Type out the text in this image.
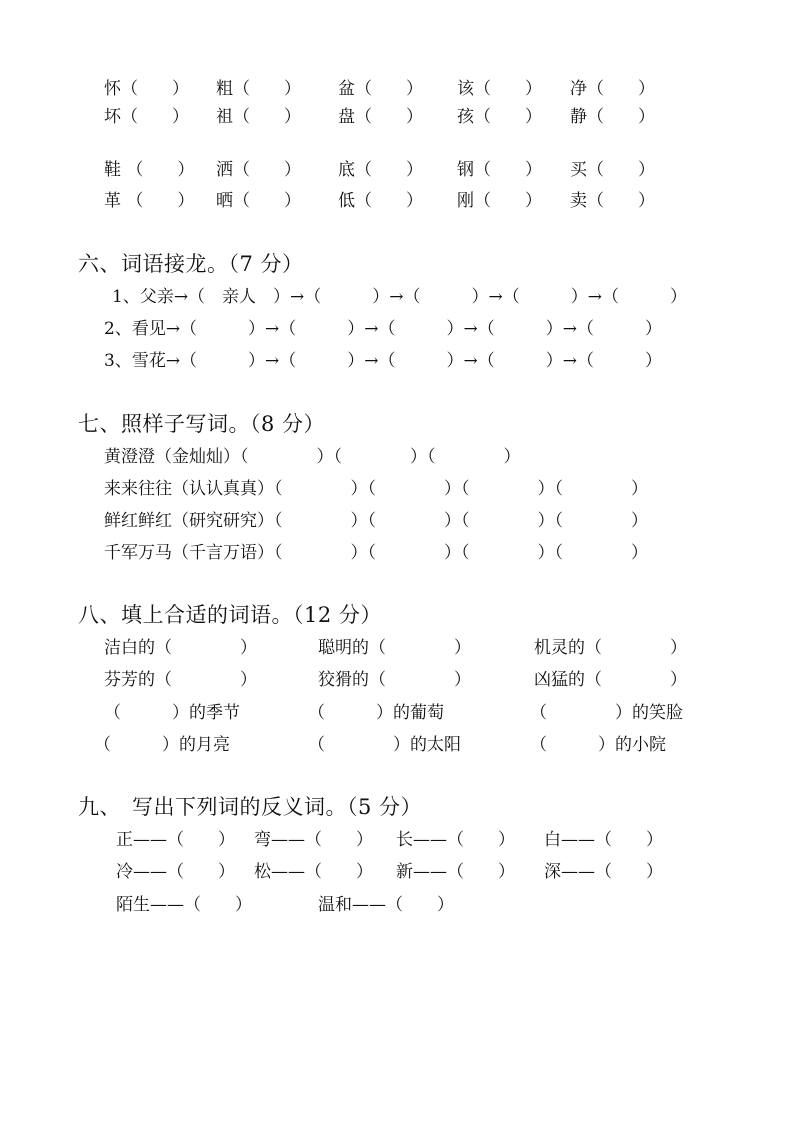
怀（　　） 粗（　　） 盆（　　） 该（　　） 净（　　）
坏（　　） 祖（　　） 盘（　　） 孩（　　） 静（　　）
鞋 （　　） 洒（　　） 底（　　） 钢（　　） 买（　　）
革 （　　） 晒（　　） 低（　　） 刚（　　） 卖（　　）
六、词语接龙。（7 分）
1、父亲→（　亲人　）→（　　　）→（　　　）→（　　　）→（　　　）
2、看见→（　　　）→（　　　）→（　　　）→（　　　）→（　　　）
3、雪花→（　　　）→（　　　）→（　　　）→（　　　）→（　　　）
七、照样子写词。（8 分）
黄澄澄（金灿灿）（　　　　）（　　　　）（　　　　）
来来往往（认认真真）（　　　　）（　　　　）（　　　　）（　　　　）
鲜红鲜红（研究研究）（　　　　）（　　　　）（　　　　）（　　　　）
千军万马（千言万语）（　　　　）（　　　　）（　　　　）（　　　　）
八、填上合适的词语。（12 分）
洁白的（　　　　）	聪明的（　　　　）	机灵的（　　　　）
芬芳的（　　　　）	狡猾的（　　　　）	凶猛的（　　　　）
（　　　）的季节	（　　　）的葡萄	（　　　　）的笑脸
（　　　）的月亮	（　　　　）的太阳	（　　　）的小院
九、　写出下列词的反义词。（5 分）
正——（　　） 弯——（　　） 长——（　　） 白——（　　）
冷——（　　） 松——（　　） 新——（　　） 深——（　　）
陌生——（　　）	温和——（　　）
